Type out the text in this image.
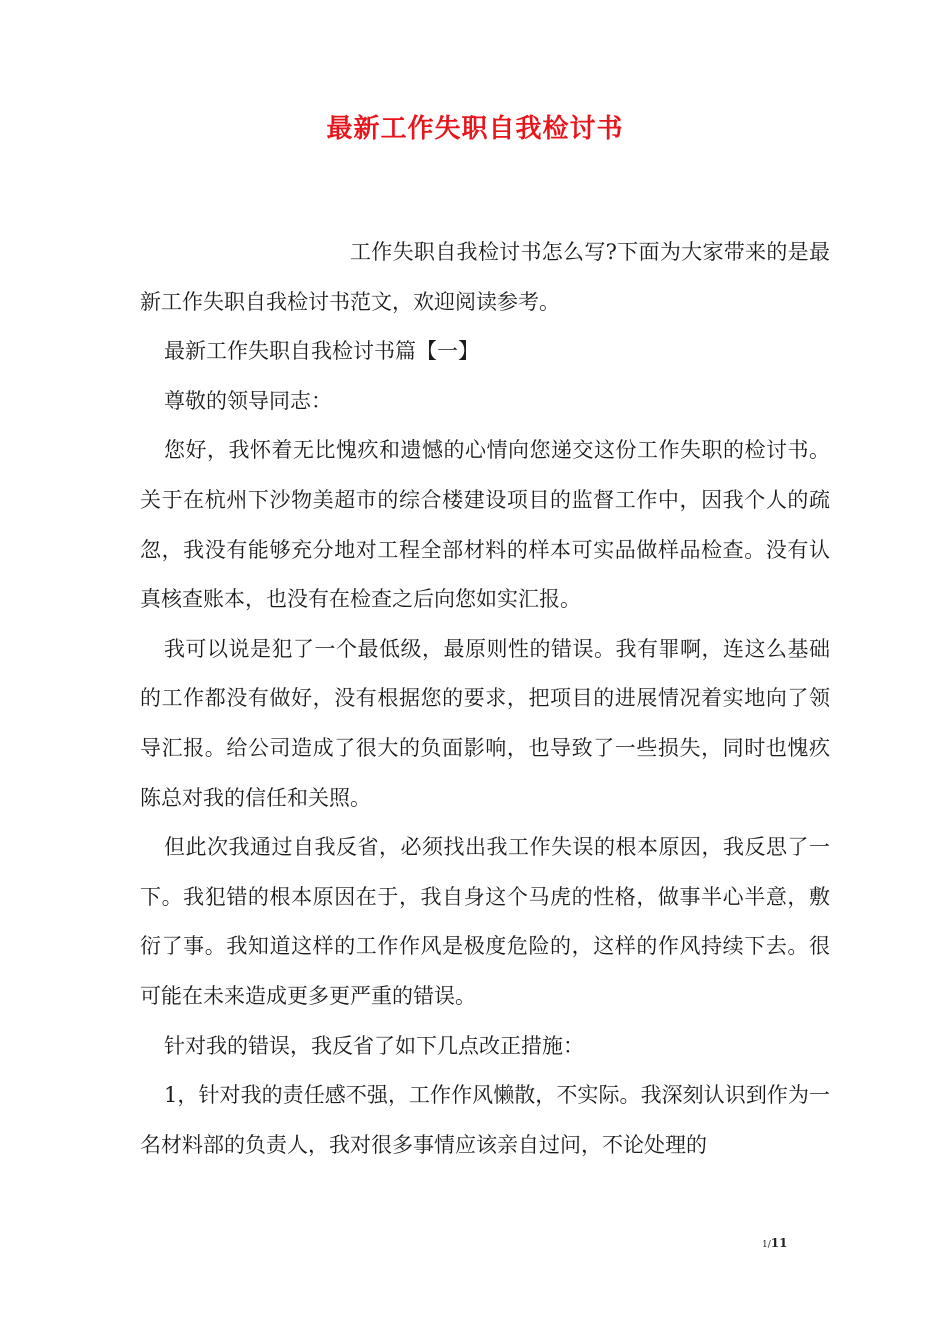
最新工作失职自我检讨书

工作失职自我检讨书怎么写?下面为大家带来的是最新工作失职自我检讨书范文，欢迎阅读参考。

最新工作失职自我检讨书篇【一】

尊敬的领导同志：

您好，我怀着无比愧疚和遗憾的心情向您递交这份工作失职的检讨书。关于在杭州下沙物美超市的综合楼建设项目的监督工作中，因我个人的疏忽，我没有能够充分地对工程全部材料的样本可实品做样品检查。没有认真核查账本，也没有在检查之后向您如实汇报。

我可以说是犯了一个最低级，最原则性的错误。我有罪啊，连这么基础的工作都没有做好，没有根据您的要求，把项目的进展情况着实地向了领导汇报。给公司造成了很大的负面影响，也导致了一些损失，同时也愧疚陈总对我的信任和关照。

但此次我通过自我反省，必须找出我工作失误的根本原因，我反思了一下。我犯错的根本原因在于，我自身这个马虎的性格，做事半心半意，敷衍了事。我知道这样的工作作风是极度危险的，这样的作风持续下去。很可能在未来造成更多更严重的错误。

针对我的错误，我反省了如下几点改正措施：

1，针对我的责任感不强，工作作风懒散，不实际。我深刻认识到作为一名材料部的负责人，我对很多事情应该亲自过问，不论处理的

1/11
